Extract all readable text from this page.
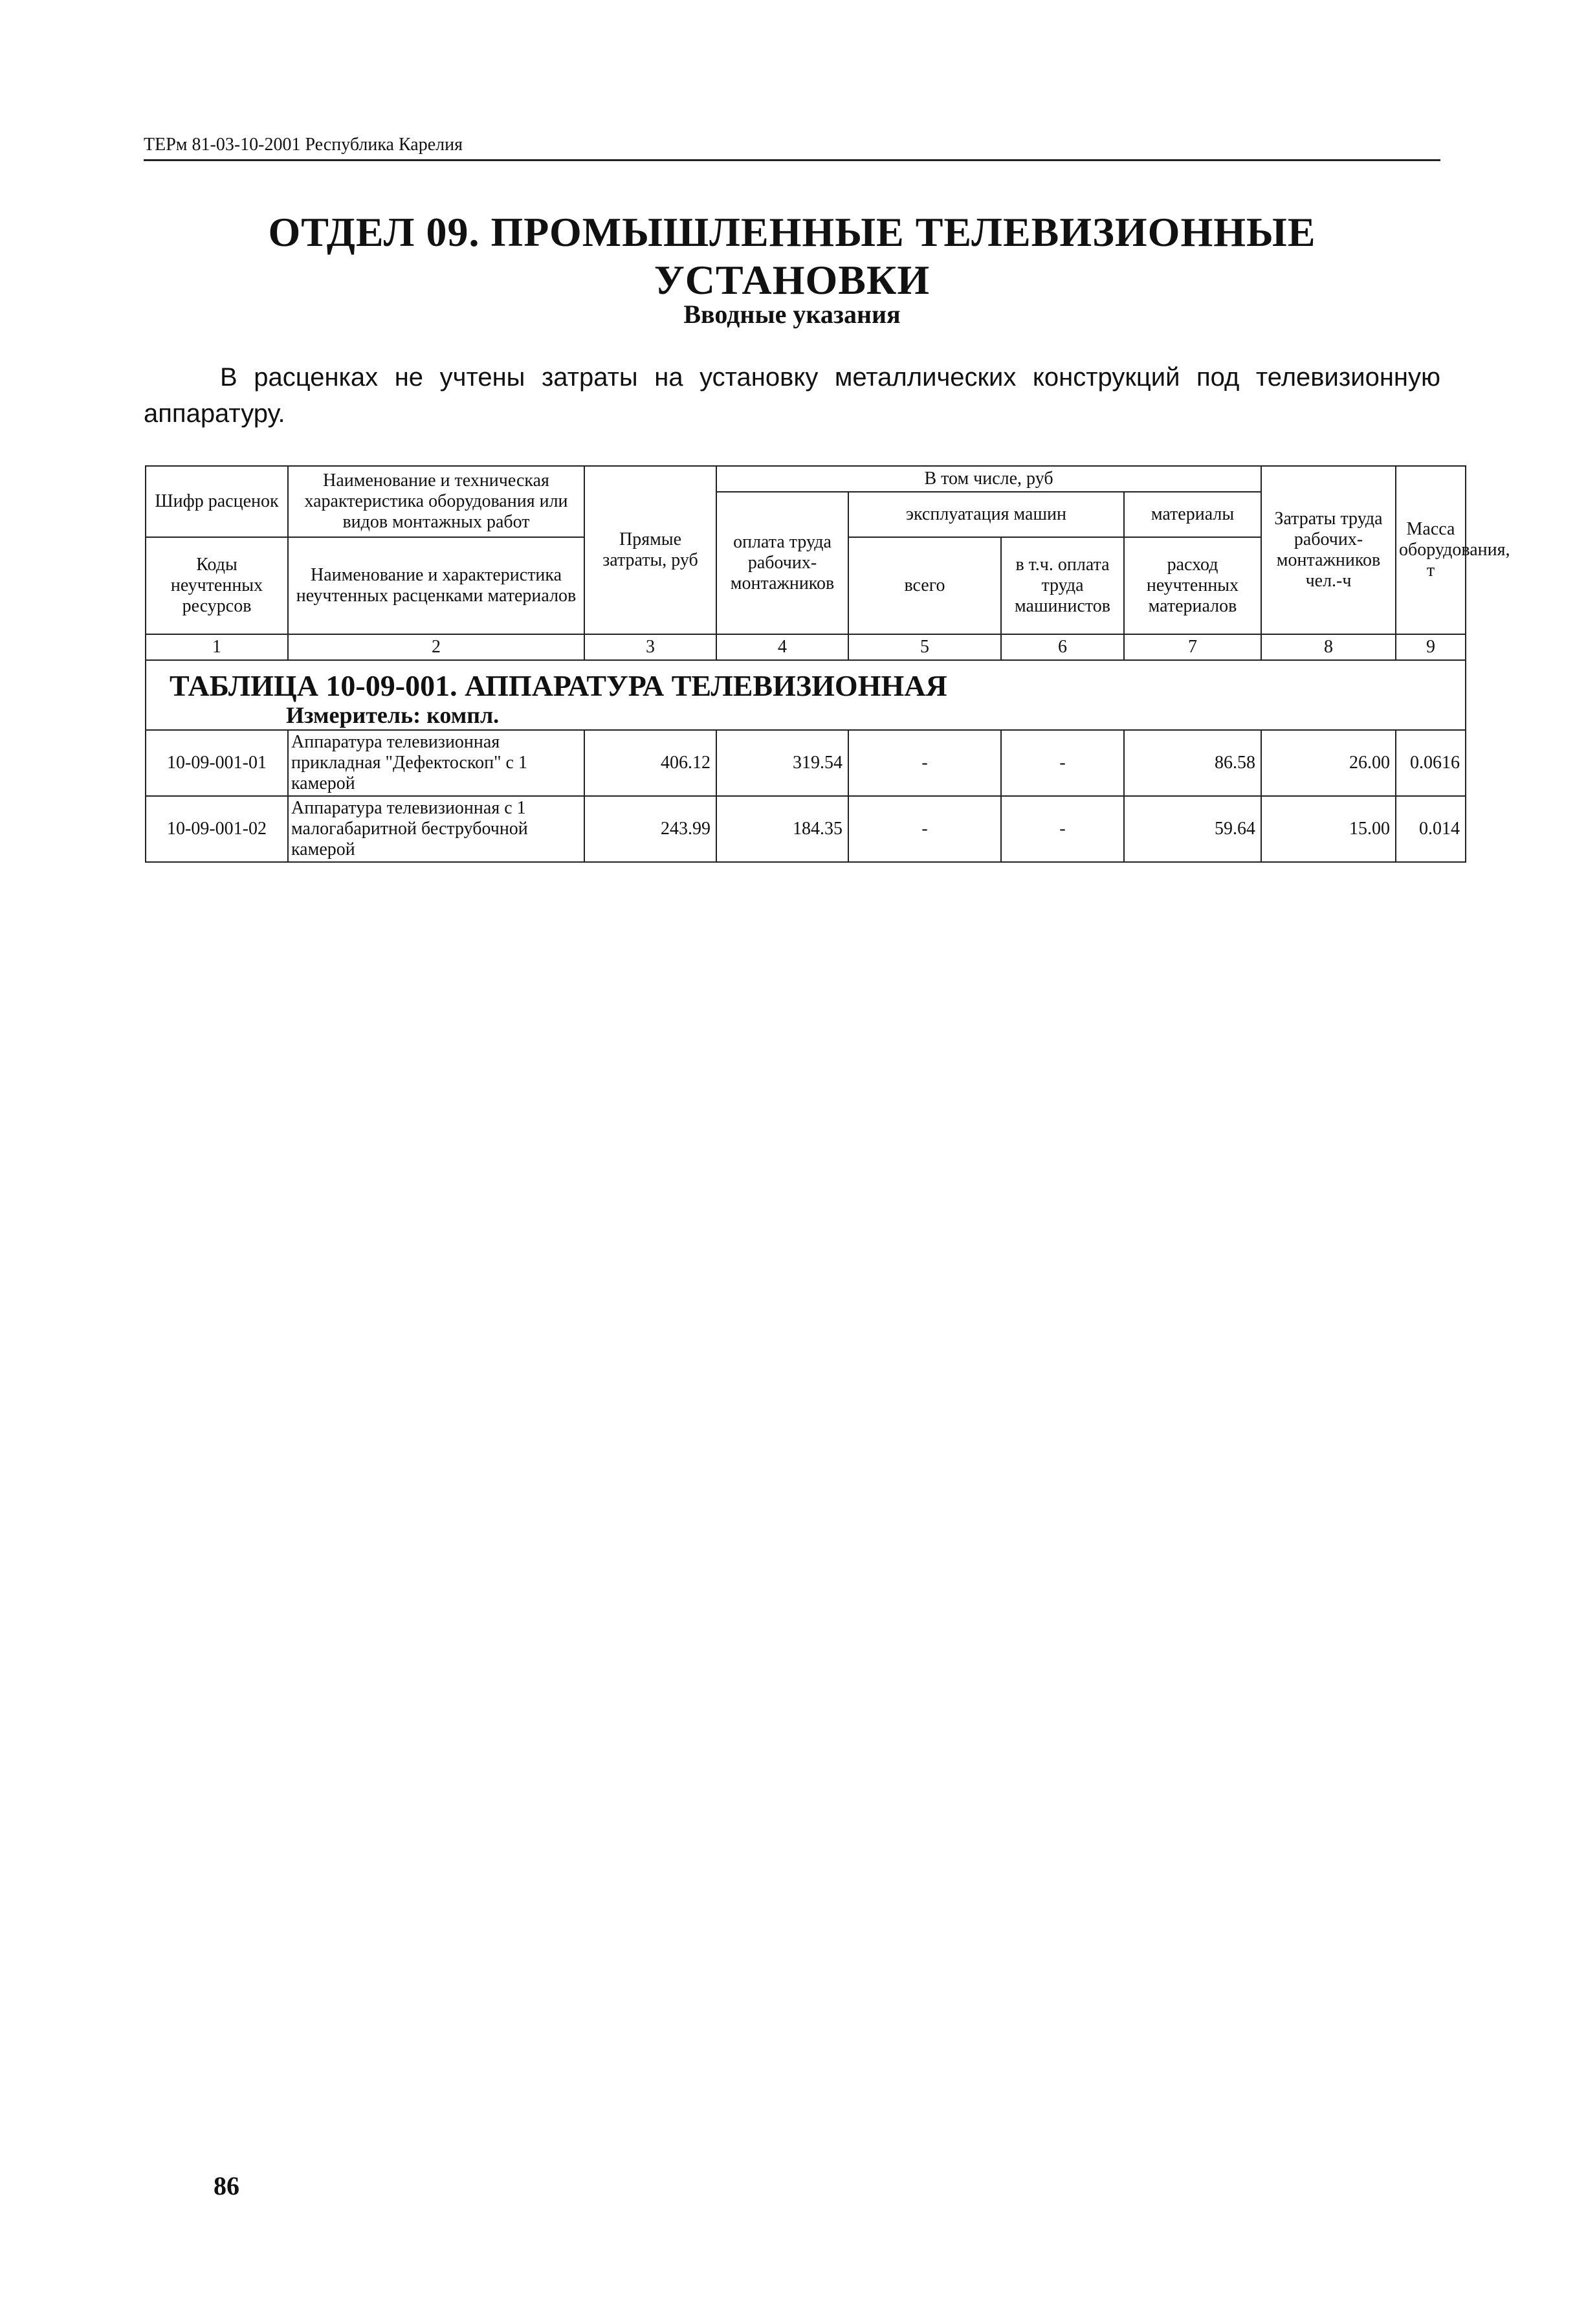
ТЕРм 81-03-10-2001 Республика Карелия
ОТДЕЛ 09. ПРОМЫШЛЕННЫЕ ТЕЛЕВИЗИОННЫЕ УСТАНОВКИ
Вводные указания
В расценках не учтены затраты на установку металлических конструкций под телевизионную аппаратуру.
Шифр расценок	Наименование и техническая характеристика оборудования или видов монтажных работ	Прямые затраты, руб	В том числе, руб				Затраты труда рабочих-монтажников чел.-ч	Масса оборудования, т
			оплата труда рабочих-монтажников	эксплуатация машин		материалы		
Коды неучтенных ресурсов	Наименование и характеристика неучтенных расценками материалов			всего	в т.ч. оплата труда машинистов	расход неучтенных материалов		

1	2	3	4	5	6	7	8	9
ТАБЛИЦА 10-09-001. АППАРАТУРА ТЕЛЕВИЗИОННАЯ								
Измеритель: компл.								
10-09-001-01	Аппаратура телевизионная прикладная "Дефектоскоп" с 1 камерой	406.12	319.54	-	-	86.58	26.00	0.0616
10-09-001-02	Аппаратура телевизионная с 1 малогабаритной беструбочной камерой	243.99	184.35	-	-	59.64	15.00	0.014
86
